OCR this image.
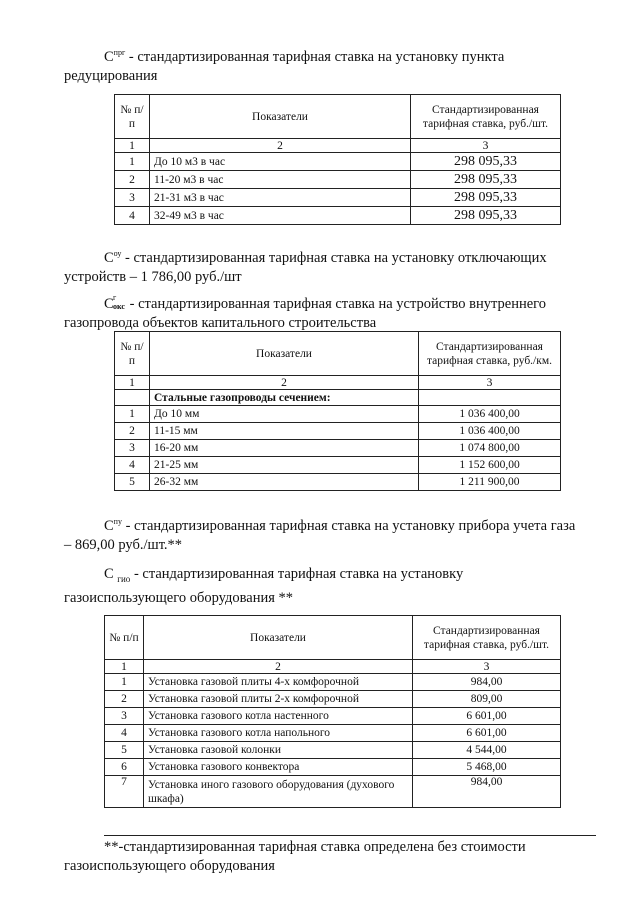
$С^{прг}$ - стандартизированная тарифная ставка на установку пункта
редуцирования

№ п/п	Показатели	Стандартизированная тарифная ставка, руб./шт.
1	2	3
1	До 10 м3 в час	298 095,33
2	11-20 м3 в час	298 095,33
3	21-31 м3 в час	298 095,33
4	32-49 м3 в час	298 095,33

$С^{оу}$ - стандартизированная тарифная ставка на установку отключающих
устройств – 1 786,00 руб./шт

С г
окс - стандартизированная тарифная ставка на устройство внутреннего
газопровода объектов капитального строительства

№ п/п	Показатели	Стандартизированная тарифная ставка, руб./км.
1	2	3
	Стальные газопроводы сечением:	
1	До 10 мм	1 036 400,00
2	11-15 мм	1 036 400,00
3	16-20 мм	1 074 800,00
4	21-25 мм	1 152 600,00
5	26-32 мм	1 211 900,00

$С^{пу}$ - стандартизированная тарифная ставка на установку прибора учета газа
– 869,00 руб./шт.**

С $_{гио}$ - стандартизированная тарифная ставка на установку
газоиспользующего оборудования **

№ п/п	Показатели	Стандартизированная тарифная ставка, руб./шт.
1	2	3
1	Установка газовой плиты 4-х комфорочной	984,00
2	Установка газовой плиты 2-х комфорочной	809,00
3	Установка газового котла настенного	6 601,00
4	Установка газового котла напольного	6 601,00
5	Установка газовой колонки	4 544,00
6	Установка газового конвектора	5 468,00
7	Установка иного газового оборудования (духового шкафа)	984,00

**-стандартизированная тарифная ставка определена без стоимости
газоиспользующего оборудования
